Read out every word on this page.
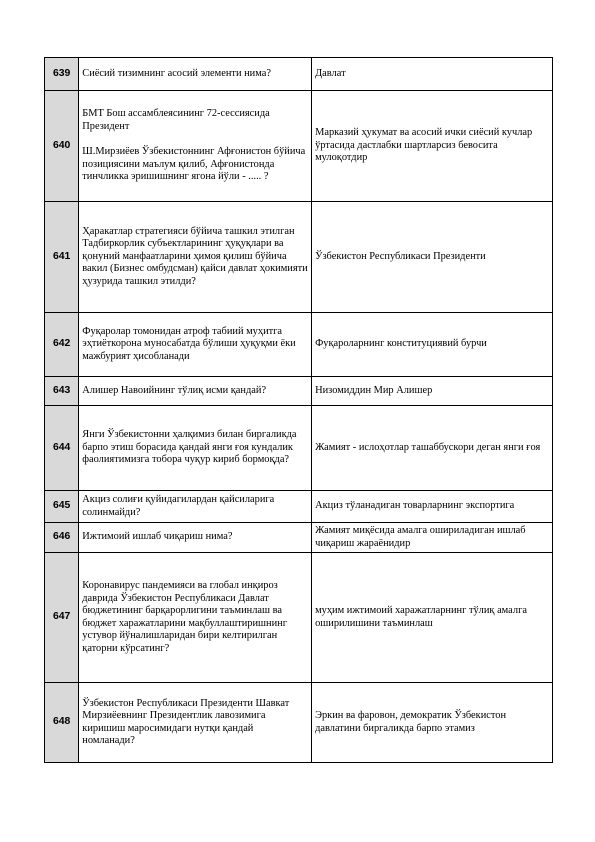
639	Сиёсий тизимнинг асосий элементи нима?	Давлат
640	БМТ Бош ассамблеясининг 72-сессиясида Президент

Ш.Мирзиёев Ўзбекистоннинг Афғонистон бўйича позициясини маълум қилиб, Афғонистонда тинчликка эришишнинг ягона йўли - ..... ?	Марказий ҳукумат ва асосий ички сиёсий кучлар ўртасида дастлабки шартларсиз бевосита мулоқотдир
641	Ҳаракатлар стратегияси бўйича ташкил этилган Тадбиркорлик субъектларининг ҳуқуқлари ва қонуний манфаатларини ҳимоя қилиш бўйича вакил (Бизнес омбудсман) қайси давлат ҳокимияти ҳузурида ташкил этилди?	Ўзбекистон Республикаси Президенти
642	Фуқаролар томонидан атроф табиий муҳитга эҳтиёткорона муносабатда бўлиши ҳуқуқми ёки мажбурият ҳисобланади	Фуқароларнинг конституциявий бурчи
643	Алишер Навоийнинг тўлиқ исми қандай?	Низомиддин Мир Алишер
644	Янги Ўзбекистонни ҳалқимиз билан биргаликда барпо этиш борасида қандай янги ғоя кундалик фаолиятимизга тобора чуқур кириб бормоқда?	Жамият - ислоҳотлар ташаббускори деган янги ғоя
645	Акциз солиғи қуйидагилардан қайсиларига солинмайди?	Акциз тўланадиган товарларнинг экспортига
646	Ижтимоий ишлаб чиқариш нима?	Жамият миқёсида амалга ошириладиган ишлаб чиқариш жараёнидир
647	Коронавирус пандемияси ва глобал инқироз даврида Ўзбекистон Республикаси Давлат бюджетининг барқарорлигини таъминлаш ва бюджет харажатларини мақбуллаштиришнинг устувор йўналишларидан бири келтирилган қаторни кўрсатинг?	муҳим ижтимоий харажатларнинг тўлиқ амалга оширилишини таъминлаш
648	Ўзбекистон Республикаси Президенти Шавкат Мирзиёевнинг Президентлик лавозимига киришиш маросимидаги нутқи қандай номланади?	Эркин ва фаровон, демократик Ўзбекистон давлатини биргаликда барпо этамиз
